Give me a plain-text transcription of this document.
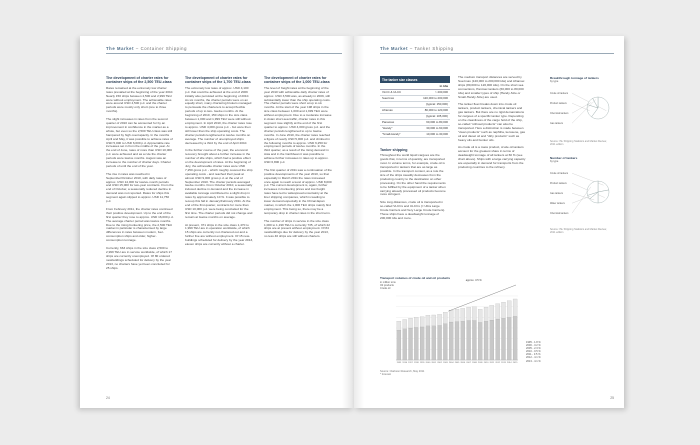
The Market – Container Shipping
The development of charter rates for container ships of the 2,500 TEU-class
Rates remained at the extremely low charter rates prevailed at the beginning of the year 2010. Nearly 150 ships between 2,500 and 2,999 TEU were without employment. The achievable rates were around USD 4,500 p.d. and the charter periods were mostly only short (one to three months).

The slight increases in rates from the second quarter of 2010 can be accounted for by an improvement in confidence in the market as a whole, but even so the 2,500 TEU class was still hampered by high overcapacity. In the months April and May, it was possible to achieve rates of USD 5,000 to USD 6,000 p.d. Appreciable rate increases set in from the middle of the year. At the end of June, rates of more than USD 10,000 p.d. were achieved and as a rule the charter periods were twelve months. August saw an increase to the number of charter days. Charter periods of until the end of the year.

The rise in rates was reached in September/October 2010, with daily rates of approx. USD 14,000 for twelve-month periods and USD 15,000 for two-year contracts. From the end of October, a seasonally reduced decline in demand was not reported. Rates for ships this segment again slipped to approx. USD 11,750 p.d.

From February 2011, the charter rates continued their positive development. Up to the end of the first quarter they rose to approx. USD 16,000 p.d. The average charter period was twelve months. Due to the rising bunkering price, the 2,500 TEU market in particular is characterised by large differences in rates between modern, fuel-consumption ships and older, higher-consumption tonnage.

Currently, 663 ships in the size class 2,500 to 2,999 TEU are in service worldwide, of which 17 ships are currently unemployed. Of 80 ordered newbuildings scheduled for delivery by the year 2013, no charters have yet been concluded for 25 ships.
The development of charter rates for container ships of the 1,700 TEU-class
The extremely low rates of approx. USD 4,100 p.d. that could be achieved at the end of 2009 initially also persisted at the beginning of 2010. As six months, the charter periods were on an equally short, many chartering brokers managed to persuade the charterers to accept flexible periods of up to two- twelve months. At the beginning of 2010, 150 ships in the size class between 1,000 and 1,999 TEU were still without employment. In April 2010, the charter rates rose to approx. USD 4,000 gross p.d. - but were then still lower than the ship operating costs. The charter periods lengthened to twelve months on average. The number of unemployed ships decreased by a third by the end of April 2010.

In the further course of the year, the economic recovery brought about a further increase in the number of idle ships, which had a positive effect on the development of rates. At the beginning of July, the achievable charter rates were USD 7,250 gross p.d. - which roughly covered the ship operating costs - and reached their peak at almost USD 9,000 gross p.d. at the end of September 2010. The charter periods averaged twelve months. From October 2010, a seasonally induced decline in demand and the increase in available tonnage contributed to a slight drop in rates by approximately 10 %. It was possible to recoup this fall in January/February 2011. At the end of the first quarter, contracts for more than USD 10,000 p.d. were being concluded for the first time. The charter periods did not change and remain at twelve months on average.

At present, 371 ships in the size class 1,470 to 1,999 TEU are in operation worldwide, of which 15 ships are currently not chartered out and a further five are without employment. Of 15 new-buildings scheduled for delivery by the year 2013, eleven ships are currently without a charter.
The development of charter rates for container ships of the 1,000 TEU-class
The level of freight rates at the beginning of the year 2010 with achievable daily charter rates of approx. USD 3,500 was, as already in 2009, still substantially lower than the ship operating costs. The charter periods were short at up to six months. At the start of the year 198 ships in the size class between 1,000 and 1,999 TEU were without employment. Due to a moderate increase in Asian short-sea traffic, charter rates in this segment rose slightly at the end of the first quarter to approx. USD 4,000 gross p.d. and the charter periods lengthened to up to twelve months. In June 2010, the charter rates reached a figure of nearly USD 5,000 p.d. and climbed in the following months to approx. USD 6,250 for employment periods of twelve months. In the third quarter, as a result of the rising demand in Asia and in the Caribbean it was possible to achieve further increases in rates up to approx. USD 6,800 p.d.

The first quarter of 2011 saw a continuation of the positive developments of the year 2010, so that especially in March 2011 the rates increased once again to reach a level of approx. USD 8,000 p.d. The current development is, again, further increases in bunkering prices and low freight rates have led to widespread uncertainty at the liner shipping companies, which is leading to lower demand especially in the China/Japan market, in which the 1,000 TEU ships mainly find employment. This being so, there may be a temporary drop in charter rates in the short term.

The number of ships in service in the size class 1,000 to 1,199 TEU is currently 735, of which 22 ships are at present without employment. Of 84 newbuildings due for delivery by the year 2013, no less 40 ships are still without charters.
24
The Market – Tanker Shipping
The tanker size classes
in tdw
VLCC & ULCC	> 200,000
Suezmax	120,000 to 200,000
(typical: 150,000)
Aframax	80,000 to 120,000
(typical: 105,000)
Panamax	60,000 to 80,000
"Handy"	30,000 to 60,000
"Small-Handy"	10,000 to 30,000
Tanker shipping
Throughout the world liquid cargoes are the goods that, in terms of quantity, are transported most. In volume terms, for example, crude oil is transported in tankers that are as large as possible. In the transport context, as a rule the size of the ships steadily decreases from the producing country to the destination on other processing. On the other hand the requirements to be fulfilled by the equipment of a tanker when carrying already processed oil products become more stringent.

Size long distances, crude oil is transported in so-called VLCCs and ULCCs (= Ultra Large Crude Carriers and Very Large Crude Carriers). These ships have a deadweight tonnage of 200,000 tdw and more.
The medium transport distances are served by Suezmax (120,000 to 200,000 tdw) and Aframax ships (80,000 to 120,000 tdw). On the short sea connections, Panmax tankers (60,000 to 80,000 tdw) and smaller types of ship (Handy-Size or Small-Handy-Size) are used.

The tanker fleet breaks down into crude oil tankers, product tankers, chemical tankers and gas tankers. But there are no rigid demarcations for cargoes of a specific tanker type. Depending on the cleanliness of the cargo hold of the ship, so-called "oil/road products" can also be transported. Here a distinction is made between "clean products" such as naphtha, kerosene, gas oil and diesel oil and "dirty products" such as heavy oils and bunker oils.

As crude oil is a mass product, crude oil tankers account for the greatest share in terms of deadweight tonnage of all tankers at 60 % (see chart above). Ships with a large carrying capacity are especially in demand for transports from the producing countries to the refinery.
Transport volumes of crude oil and oil products
in million tons
Oil products
Crude oil
1995 1996 1997 1998 1999 2000 2001 2002 2003 2004 2005 2006 2007 2008 2009 2010 2011 2012 2013 2014 2015
approx. 3.5 %
Source: Clarkson Research, May 2011
* forecast
1995 - 1.8 %
2000 - 3.2 %
2005 - 2.3 %
2010 - 0.5 %
2011 - 3.5 %
2012 - 4.1 %
2013 - 4.1 %
Breakthrough tonnage of tankers
by type
Crude oil tankers
Product tankers
Chemical tankers
Gas tankers
Source: ISL Shipping Statistics and Market Review,
2011 edition
Number of tankers
by type
Crude oil tankers
Product tankers
Gas tankers
Water tankers
Chemical tankers
Source: ISL Shipping Statistics and Market Review,
2011 edition
25
